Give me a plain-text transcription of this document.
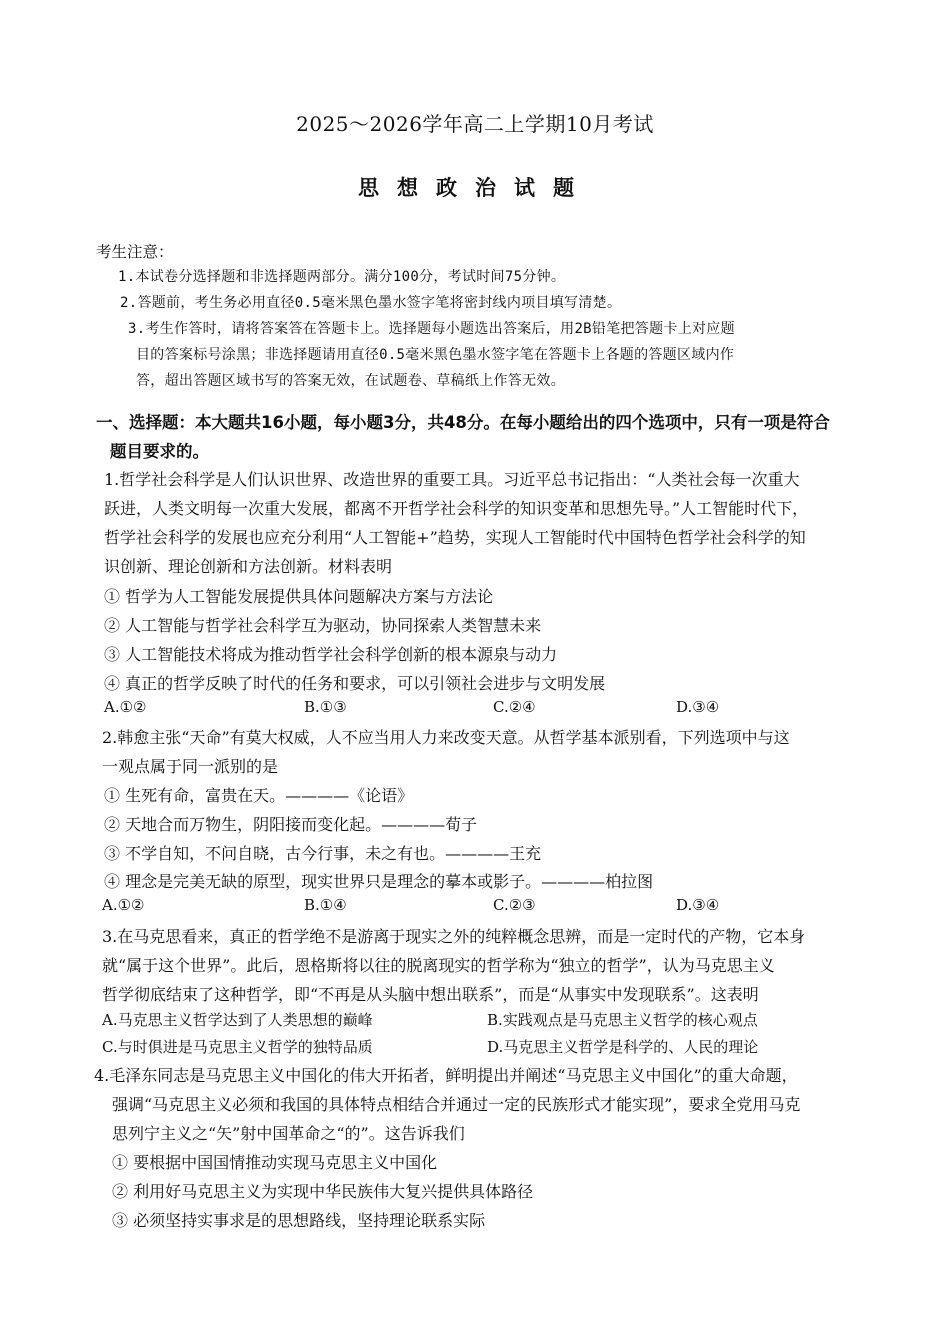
2025～2026学年高二上学期10月考试
思想政治试题
考生注意：
1.本试卷分选择题和非选择题两部分。满分100分，考试时间75分钟。
2.答题前，考生务必用直径0.5毫米黑色墨水签字笔将密封线内项目填写清楚。
3.考生作答时，请将答案答在答题卡上。选择题每小题选出答案后，用2B铅笔把答题卡上对应题
目的答案标号涂黑；非选择题请用直径0.5毫米黑色墨水签字笔在答题卡上各题的答题区域内作
答，超出答题区域书写的答案无效，在试题卷、草稿纸上作答无效。
一、选择题：本大题共16小题，每小题3分，共48分。在每小题给出的四个选项中，只有一项是符合
题目要求的。
1.哲学社会科学是人们认识世界、改造世界的重要工具。习近平总书记指出：“人类社会每一次重大
跃进，人类文明每一次重大发展，都离不开哲学社会科学的知识变革和思想先导。”人工智能时代下，
哲学社会科学的发展也应充分利用“人工智能+”趋势，实现人工智能时代中国特色哲学社会科学的知
识创新、理论创新和方法创新。材料表明
① 哲学为人工智能发展提供具体问题解决方案与方法论
② 人工智能与哲学社会科学互为驱动，协同探索人类智慧未来
③ 人工智能技术将成为推动哲学社会科学创新的根本源泉与动力
④ 真正的哲学反映了时代的任务和要求，可以引领社会进步与文明发展
A.①②	B.①③	C.②④	D.③④
2.韩愈主张“天命”有莫大权威，人不应当用人力来改变天意。从哲学基本派别看，下列选项中与这
一观点属于同一派别的是
① 生死有命，富贵在天。————《论语》
② 天地合而万物生，阴阳接而变化起。————荀子
③ 不学自知，不问自晓，古今行事，未之有也。————王充
④ 理念是完美无缺的原型，现实世界只是理念的摹本或影子。————柏拉图
A.①②	B.①④	C.②③	D.③④
3.在马克思看来，真正的哲学绝不是游离于现实之外的纯粹概念思辨，而是一定时代的产物，它本身
就“属于这个世界”。此后，恩格斯将以往的脱离现实的哲学称为“独立的哲学”，认为马克思主义
哲学彻底结束了这种哲学，即“不再是从头脑中想出联系”，而是“从事实中发现联系”。这表明
A.马克思主义哲学达到了人类思想的巅峰	B.实践观点是马克思主义哲学的核心观点
C.与时俱进是马克思主义哲学的独特品质	D.马克思主义哲学是科学的、人民的理论
4.毛泽东同志是马克思主义中国化的伟大开拓者，鲜明提出并阐述“马克思主义中国化”的重大命题，
强调“马克思主义必须和我国的具体特点相结合并通过一定的民族形式才能实现”，要求全党用马克
思列宁主义之“矢”射中国革命之“的”。这告诉我们
① 要根据中国国情推动实现马克思主义中国化
② 利用好马克思主义为实现中华民族伟大复兴提供具体路径
③ 必须坚持实事求是的思想路线，坚持理论联系实际
